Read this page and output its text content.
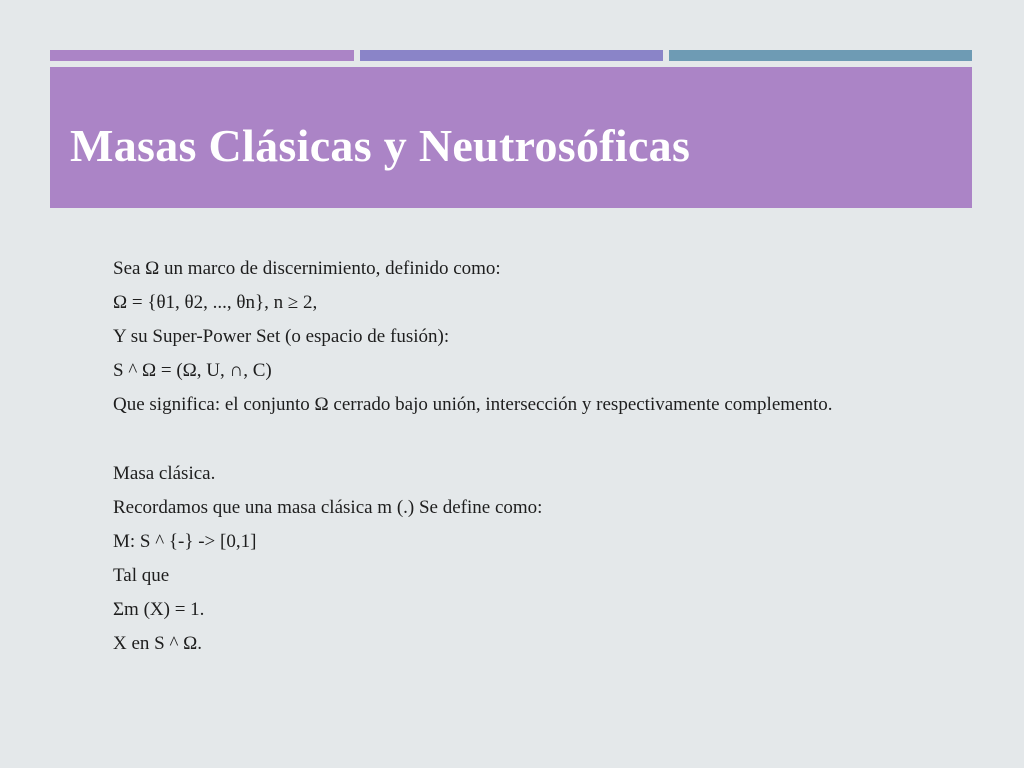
Masas Clásicas y Neutrosóficas
Sea Ω un marco de discernimiento, definido como:
Ω = {θ1, θ2, ..., θn}, n ≥ 2,
Y su Super-Power Set (o espacio de fusión):
S ^ Ω = (Ω, U, ∩, C)
Que significa: el conjunto Ω cerrado bajo unión, intersección y respectivamente complemento.
Masa clásica.
Recordamos que una masa clásica m (.) Se define como:
M: S ^ {-} -> [0,1]
Tal que
Σm (X) = 1.
X en S ^ Ω.
